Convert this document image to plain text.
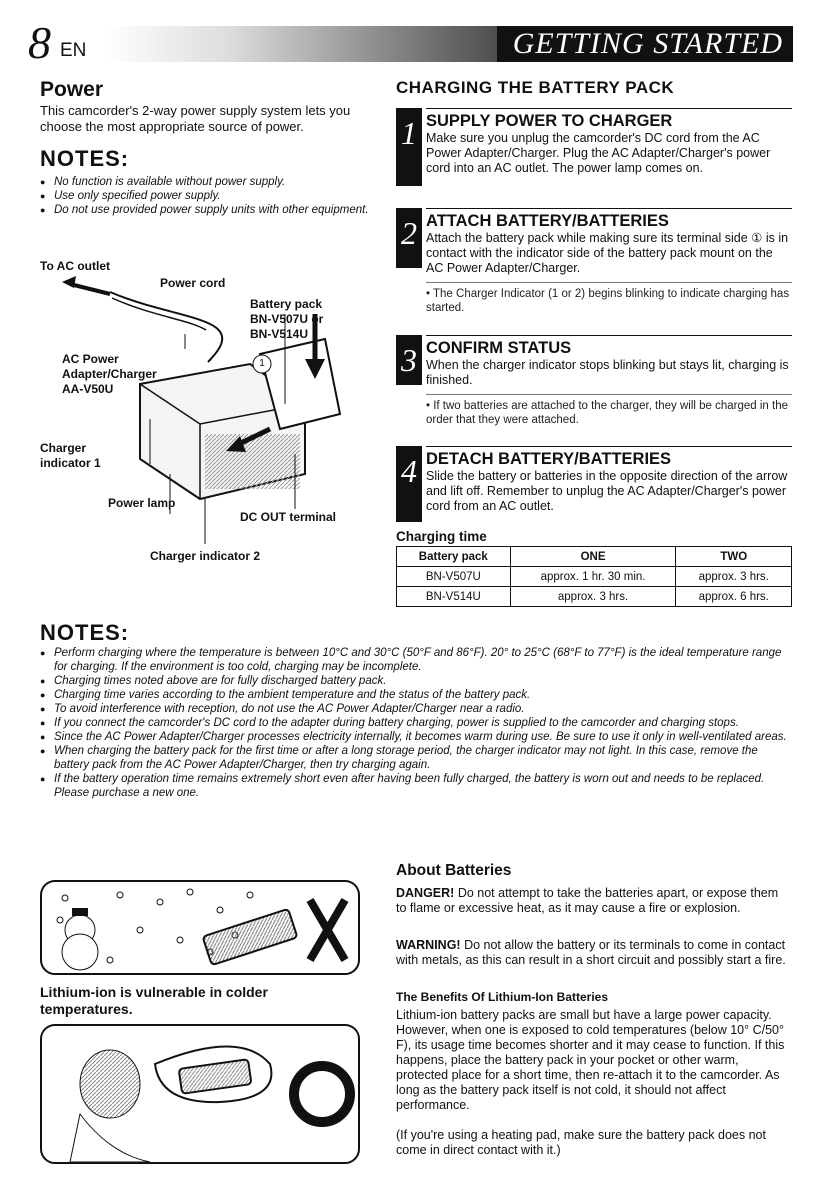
8 EN	GETTING STARTED
Power
This camcorder's 2-way power supply system lets you choose the most appropriate source of power.
NOTES:
● No function is available without power supply.
● Use only specified power supply.
● Do not use provided power supply units with other equipment.
1
To AC outlet
Power cord
Battery pack
BN-V507U or
BN-V514U
AC Power
Adapter/Charger
AA-V50U
Charger
indicator 1
Power lamp
DC OUT terminal
Charger indicator 2
CHARGING THE BATTERY PACK
1 SUPPLY POWER TO CHARGER

Make sure you unplug the camcorder's DC cord from the AC Power Adapter/Charger. Plug the AC Adapter/Charger's power cord into an AC outlet. The power lamp comes on.

2 ATTACH BATTERY/BATTERIES

Attach the battery pack while making sure its terminal side ① is in contact with the indicator side of the battery pack mount on the AC Power Adapter/Charger.

• The Charger Indicator (1 or 2) begins blinking to indicate charging has started.
3 CONFIRM STATUS

When the charger indicator stops blinking but stays lit, charging is finished.

• If two batteries are attached to the charger, they will be charged in the order that they were attached.
4 DETACH BATTERY/BATTERIES

Slide the battery or batteries in the opposite direction of the arrow and lift off. Remember to unplug the AC Adapter/Charger's power cord from an AC outlet.

Charging time
Battery pack	ONE	TWO
BN-V507U	approx. 1 hr. 30 min.	approx. 3 hrs.
BN-V514U	approx. 3 hrs.	approx. 6 hrs.
NOTES:
● Perform charging where the temperature is between 10°C and 30°C (50°F and 86°F). 20° to 25°C (68°F to 77°F) is the ideal temperature range for charging. If the environment is too cold, charging may be incomplete.
● Charging times noted above are for fully discharged battery pack.
● Charging time varies according to the ambient temperature and the status of the battery pack.
● To avoid interference with reception, do not use the AC Power Adapter/Charger near a radio.
● If you connect the camcorder's DC cord to the adapter during battery charging, power is supplied to the camcorder and charging stops.
● Since the AC Power Adapter/Charger processes electricity internally, it becomes warm during use. Be sure to use it only in well-ventilated areas.
● When charging the battery pack for the first time or after a long storage period, the charger indicator may not light. In this case, remove the battery pack from the AC Power Adapter/Charger, then try charging again.
● If the battery operation time remains extremely short even after having been fully charged, the battery is worn out and needs to be replaced. Please purchase a new one.
Lithium-ion is vulnerable in colder temperatures.
About Batteries
DANGER! Do not attempt to take the batteries apart, or expose them to flame or excessive heat, as it may cause a fire or explosion.
WARNING! Do not allow the battery or its terminals to come in contact with metals, as this can result in a short circuit and possibly start a fire.
The Benefits Of Lithium-Ion Batteries
Lithium-ion battery packs are small but have a large power capacity. However, when one is exposed to cold temperatures (below 10° C/50° F), its usage time becomes shorter and it may cease to function. If this happens, place the battery pack in your pocket or other warm, protected place for a short time, then re-attach it to the camcorder. As long as the battery pack itself is not cold, it should not affect performance.
(If you're using a heating pad, make sure the battery pack does not come in direct contact with it.)
